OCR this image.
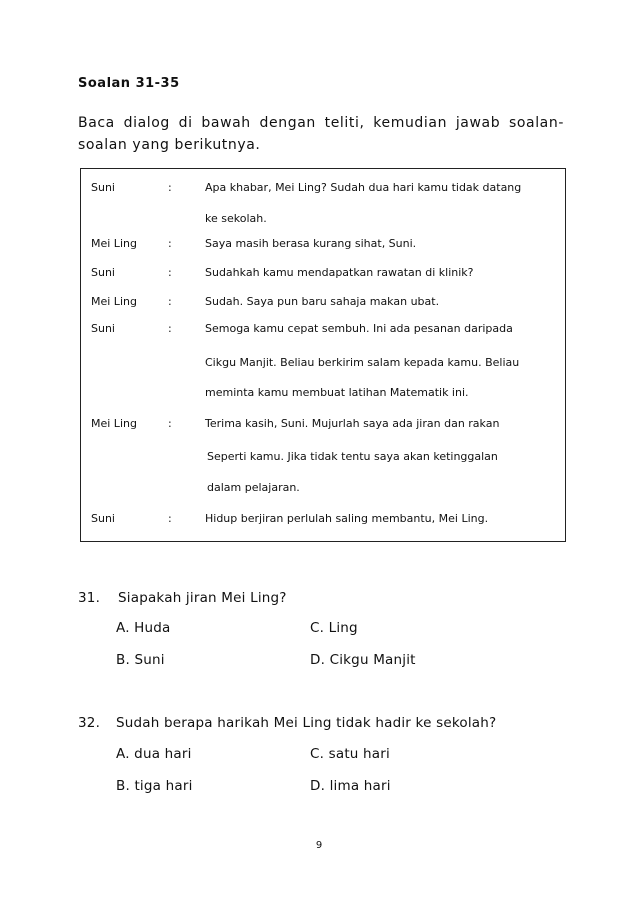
Soalan 31-35
Baca dialog di bawah dengan teliti, kemudian jawab soalan-soalan yang berikutnya.
Suni	:	Apa khabar, Mei Ling? Sudah dua hari kamu tidak datang
ke sekolah.
Mei Ling	:	Saya masih berasa kurang sihat, Suni.
Suni	:	Sudahkah kamu mendapatkan rawatan di klinik?
Mei Ling	:	Sudah. Saya pun baru sahaja makan ubat.
Suni	:	Semoga kamu cepat sembuh. Ini ada pesanan daripada
Cikgu Manjit. Beliau berkirim salam kepada kamu. Beliau
meminta kamu membuat latihan Matematik ini.
Mei Ling	:	Terima kasih, Suni. Mujurlah saya ada jiran dan rakan
Seperti kamu. Jika tidak tentu saya akan ketinggalan
dalam pelajaran.
Suni	:	Hidup berjiran perlulah saling membantu, Mei Ling.
31. Siapakah jiran Mei Ling?
A. Huda	C. Ling
B. Suni	D. Cikgu Manjit
32. Sudah berapa harikah Mei Ling tidak hadir ke sekolah?
A. dua hari	C. satu hari
B. tiga hari	D. lima hari
9
